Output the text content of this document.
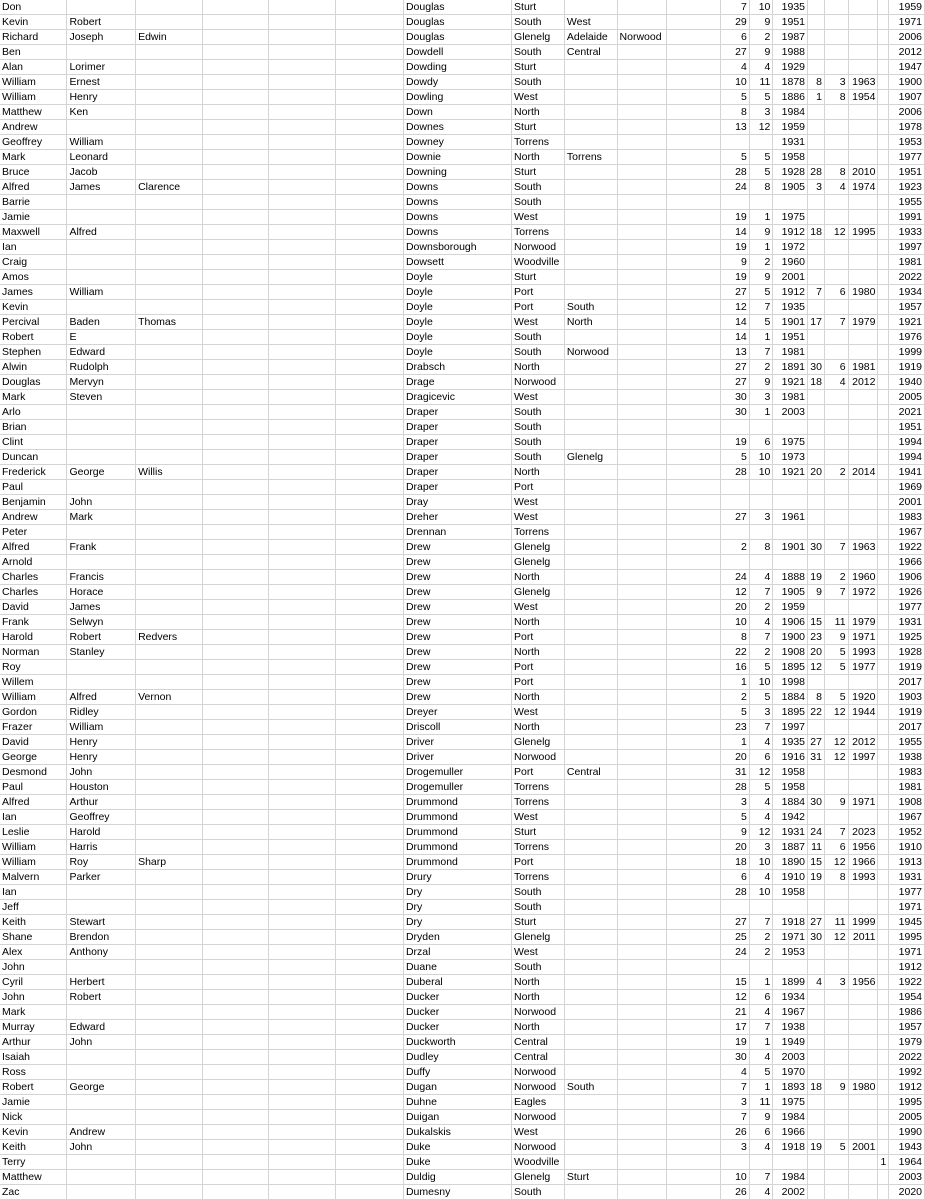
Don						Douglas	Sturt				7	10	1935					1959
Kevin	Robert					Douglas	South	West			29	9	1951					1971
Richard	Joseph	Edwin				Douglas	Glenelg	Adelaide	Norwood		6	2	1987					2006
Ben						Dowdell	South	Central			27	9	1988					2012
Alan	Lorimer					Dowding	Sturt				4	4	1929					1947
William	Ernest					Dowdy	South				10	11	1878	8	3	1963		1900
William	Henry					Dowling	West				5	5	1886	1	8	1954		1907
Matthew	Ken					Down	North				8	3	1984					2006
Andrew						Downes	Sturt				13	12	1959					1978
Geoffrey	William					Downey	Torrens						1931					1953
Mark	Leonard					Downie	North	Torrens			5	5	1958					1977
Bruce	Jacob					Downing	Sturt				28	5	1928	28	8	2010		1951
Alfred	James	Clarence				Downs	South				24	8	1905	3	4	1974		1923
Barrie						Downs	South											1955
Jamie						Downs	West				19	1	1975					1991
Maxwell	Alfred					Downs	Torrens				14	9	1912	18	12	1995		1933
Ian						Downsborough	Norwood				19	1	1972					1997
Craig						Dowsett	Woodville				9	2	1960					1981
Amos						Doyle	Sturt				19	9	2001					2022
James	William					Doyle	Port				27	5	1912	7	6	1980		1934
Kevin						Doyle	Port	South			12	7	1935					1957
Percival	Baden	Thomas				Doyle	West	North			14	5	1901	17	7	1979		1921
Robert	E					Doyle	South				14	1	1951					1976
Stephen	Edward					Doyle	South	Norwood			13	7	1981					1999
Alwin	Rudolph					Drabsch	North				27	2	1891	30	6	1981		1919
Douglas	Mervyn					Drage	Norwood				27	9	1921	18	4	2012		1940
Mark	Steven					Dragicevic	West				30	3	1981					2005
Arlo						Draper	South				30	1	2003					2021
Brian						Draper	South											1951
Clint						Draper	South				19	6	1975					1994
Duncan						Draper	South	Glenelg			5	10	1973					1994
Frederick	George	Willis				Draper	North				28	10	1921	20	2	2014		1941
Paul						Draper	Port											1969
Benjamin	John					Dray	West											2001
Andrew	Mark					Dreher	West				27	3	1961					1983
Peter						Drennan	Torrens											1967
Alfred	Frank					Drew	Glenelg				2	8	1901	30	7	1963		1922
Arnold						Drew	Glenelg											1966
Charles	Francis					Drew	North				24	4	1888	19	2	1960		1906
Charles	Horace					Drew	Glenelg				12	7	1905	9	7	1972		1926
David	James					Drew	West				20	2	1959					1977
Frank	Selwyn					Drew	North				10	4	1906	15	11	1979		1931
Harold	Robert	Redvers				Drew	Port				8	7	1900	23	9	1971		1925
Norman	Stanley					Drew	North				22	2	1908	20	5	1993		1928
Roy						Drew	Port				16	5	1895	12	5	1977		1919
Willem						Drew	Port				1	10	1998					2017
William	Alfred	Vernon				Drew	North				2	5	1884	8	5	1920		1903
Gordon	Ridley					Dreyer	West				5	3	1895	22	12	1944		1919
Frazer	William					Driscoll	North				23	7	1997					2017
David	Henry					Driver	Glenelg				1	4	1935	27	12	2012		1955
George	Henry					Driver	Norwood				20	6	1916	31	12	1997		1938
Desmond	John					Drogemuller	Port	Central			31	12	1958					1983
Paul	Houston					Drogemuller	Torrens				28	5	1958					1981
Alfred	Arthur					Drummond	Torrens				3	4	1884	30	9	1971		1908
Ian	Geoffrey					Drummond	West				5	4	1942					1967
Leslie	Harold					Drummond	Sturt				9	12	1931	24	7	2023		1952
William	Harris					Drummond	Torrens				20	3	1887	11	6	1956		1910
William	Roy	Sharp				Drummond	Port				18	10	1890	15	12	1966		1913
Malvern	Parker					Drury	Torrens				6	4	1910	19	8	1993		1931
Ian						Dry	South				28	10	1958					1977
Jeff						Dry	South											1971
Keith	Stewart					Dry	Sturt				27	7	1918	27	11	1999		1945
Shane	Brendon					Dryden	Glenelg				25	2	1971	30	12	2011		1995
Alex	Anthony					Drzal	West				24	2	1953					1971
John						Duane	South											1912
Cyril	Herbert					Duberal	North				15	1	1899	4	3	1956		1922
John	Robert					Ducker	North				12	6	1934					1954
Mark						Ducker	Norwood				21	4	1967					1986
Murray	Edward					Ducker	North				17	7	1938					1957
Arthur	John					Duckworth	Central				19	1	1949					1979
Isaiah						Dudley	Central				30	4	2003					2022
Ross						Duffy	Norwood				4	5	1970					1992
Robert	George					Dugan	Norwood	South			7	1	1893	18	9	1980		1912
Jamie						Duhne	Eagles				3	11	1975					1995
Nick						Duigan	Norwood				7	9	1984					2005
Kevin	Andrew					Dukalskis	West				26	6	1966					1990
Keith	John					Duke	Norwood				3	4	1918	19	5	2001		1943
Terry						Duke	Woodville										1	1964
Matthew						Duldig	Glenelg	Sturt			10	7	1984					2003
Zac						Dumesny	South				26	4	2002					2020
